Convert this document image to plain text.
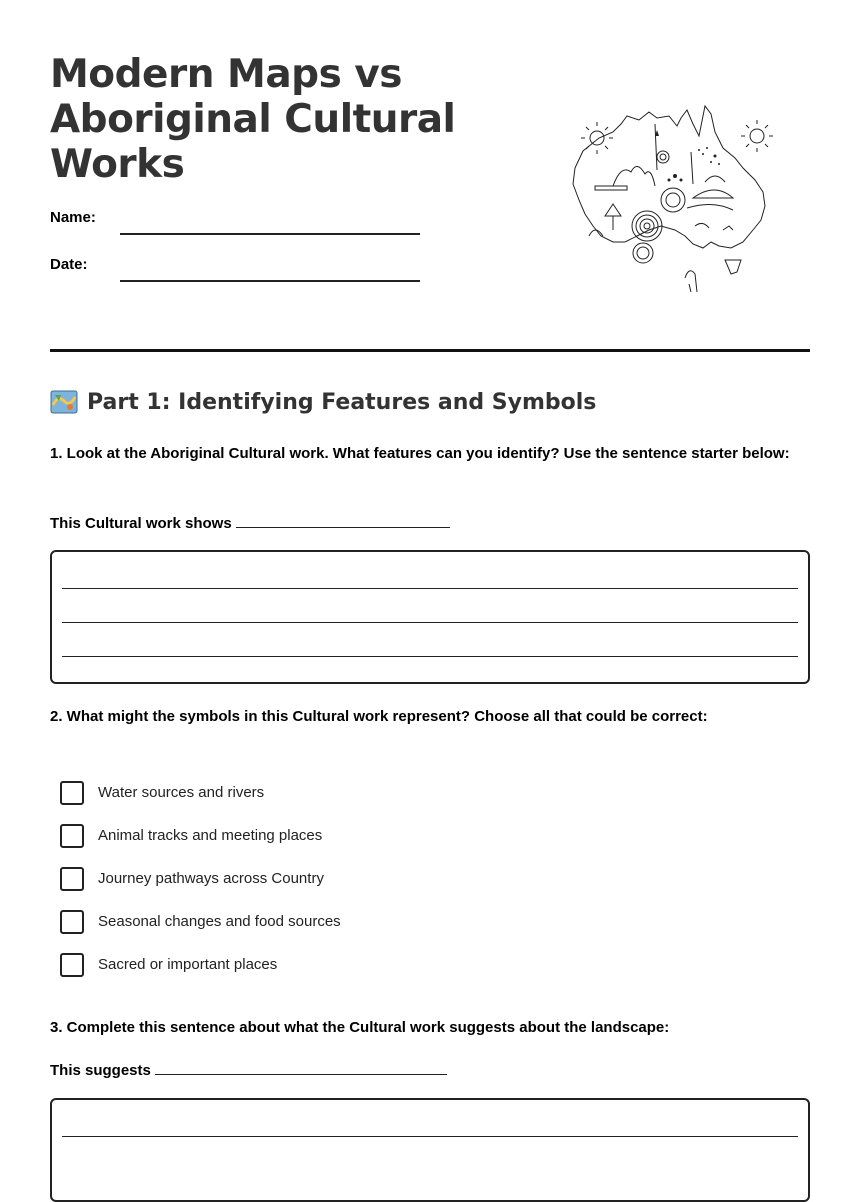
Modern Maps vs
Aboriginal Cultural
Works
Name:
Date:
Part 1: Identifying Features and Symbols
1. Look at the Aboriginal Cultural work. What features can you identify? Use the sentence starter below:
This Cultural work shows
2. What might the symbols in this Cultural work represent? Choose all that could be correct:
Water sources and rivers
Animal tracks and meeting places
Journey pathways across Country
Seasonal changes and food sources
Sacred or important places
3. Complete this sentence about what the Cultural work suggests about the landscape:
This suggests
